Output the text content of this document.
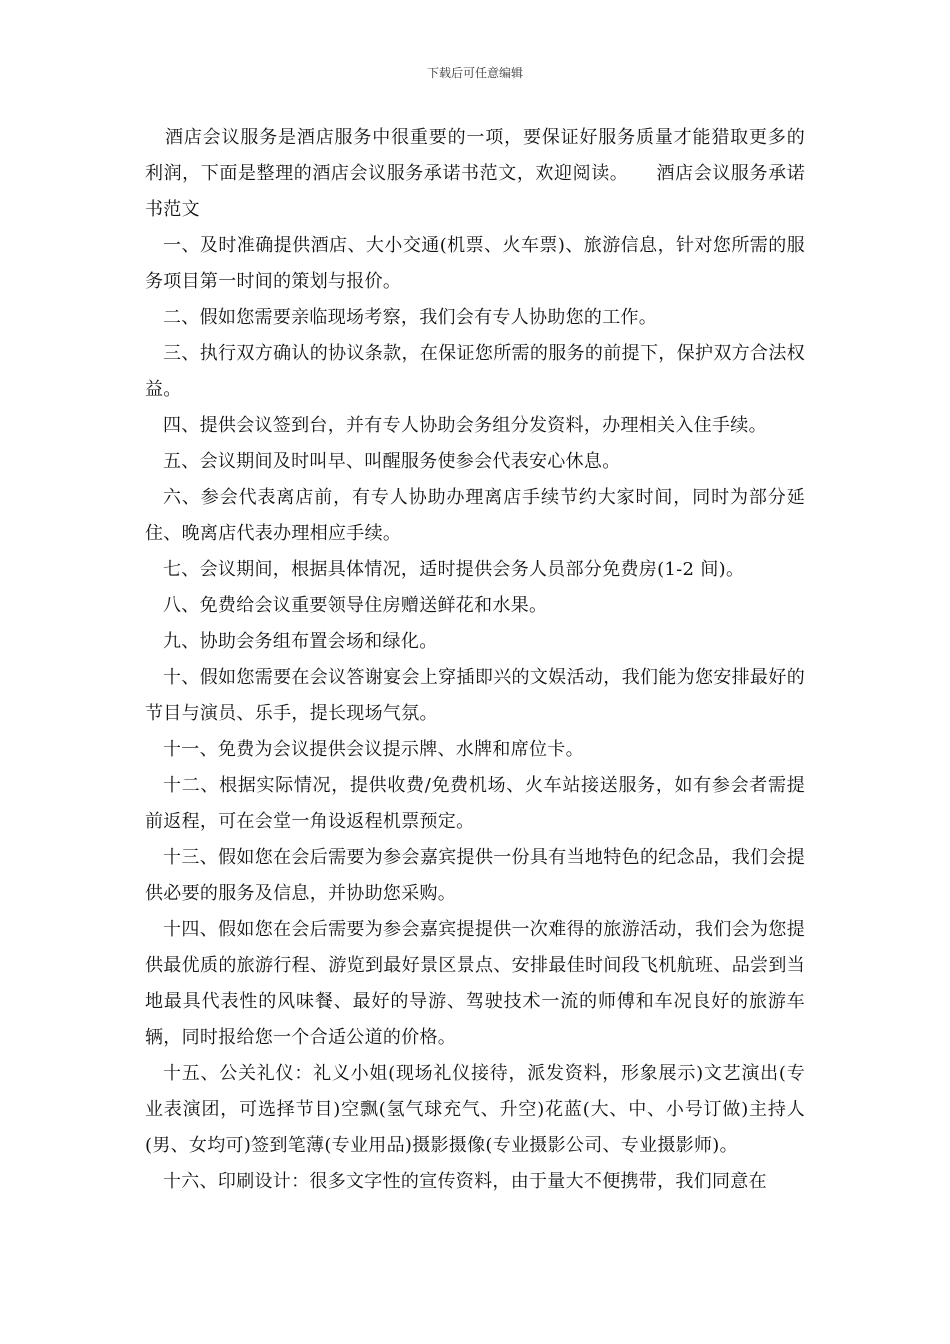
下载后可任意编辑

酒店会议服务是酒店服务中很重要的一项，要保证好服务质量才能猎取更多的利润，下面是整理的酒店会议服务承诺书范文，欢迎阅读。　　酒店会议服务承诺书范文

一、及时准确提供酒店、大小交通(机票、火车票)、旅游信息，针对您所需的服务项目第一时间的策划与报价。

二、假如您需要亲临现场考察，我们会有专人协助您的工作。

三、执行双方确认的协议条款，在保证您所需的服务的前提下，保护双方合法权益。

四、提供会议签到台，并有专人协助会务组分发资料，办理相关入住手续。

五、会议期间及时叫早、叫醒服务使参会代表安心休息。

六、参会代表离店前，有专人协助办理离店手续节约大家时间，同时为部分延住、晚离店代表办理相应手续。

七、会议期间，根据具体情况，适时提供会务人员部分免费房(1-2 间)。

八、免费给会议重要领导住房赠送鲜花和水果。

九、协助会务组布置会场和绿化。

十、假如您需要在会议答谢宴会上穿插即兴的文娱活动，我们能为您安排最好的节目与演员、乐手，提长现场气氛。

十一、免费为会议提供会议提示牌、水牌和席位卡。

十二、根据实际情况，提供收费/免费机场、火车站接送服务，如有参会者需提前返程，可在会堂一角设返程机票预定。

十三、假如您在会后需要为参会嘉宾提供一份具有当地特色的纪念品，我们会提供必要的服务及信息，并协助您采购。

十四、假如您在会后需要为参会嘉宾提提供一次难得的旅游活动，我们会为您提供最优质的旅游行程、游览到最好景区景点、安排最佳时间段飞机航班、品尝到当地最具代表性的风味餐、最好的导游、驾驶技术一流的师傅和车况良好的旅游车辆，同时报给您一个合适公道的价格。

十五、公关礼仪：礼义小姐(现场礼仪接待，派发资料，形象展示)文艺演出(专业表演团，可选择节目)空飘(氢气球充气、升空)花蓝(大、中、小号订做)主持人(男、女均可)签到笔薄(专业用品)摄影摄像(专业摄影公司、专业摄影师)。

十六、印刷设计：很多文字性的宣传资料，由于量大不便携带，我们同意在
